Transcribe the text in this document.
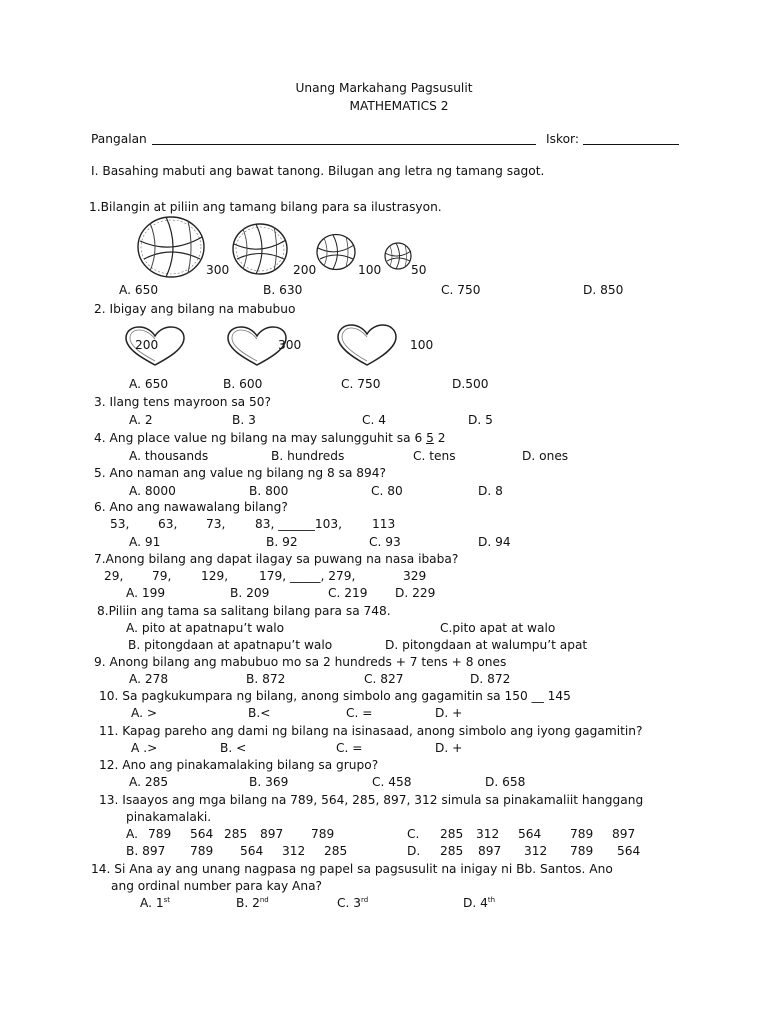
Unang Markahang Pagsusulit
MATHEMATICS 2
Pangalan	Iskor:
I. Basahing mabuti ang bawat tanong. Bilugan ang letra ng tamang sagot.
1.Bilangin at piliin ang tamang bilang para sa ilustrasyon.
300	200	100 50
A. 650	B. 630	C. 750	D. 850
2. Ibigay ang bilang na mabubuo
200	300	100
A. 650	B. 600	C. 750	D.500
3. Ilang tens mayroon sa 50?
A. 2	B. 3	C. 4	D. 5
4. Ang place value ng bilang na may salungguhit sa 6 5 2
A. thousands	B. hundreds	C. tens	D. ones
5. Ano naman ang value ng bilang ng 8 sa 894?
A. 8000	B. 800	C. 80	D. 8
6. Ano ang nawawalang bilang?
53, 63, 73, 83, ______103, 113
A. 91	B. 92	C. 93	D. 94
7.Anong bilang ang dapat ilagay sa puwang na nasa ibaba?
29, 79, 129,	179, _____, 279,	329
A. 199	B. 209	C. 219 D. 229
8.Piliin ang tama sa salitang bilang para sa 748.
A. pito at apatnapu’t walo	C.pito apat at walo
B. pitongdaan at apatnapu’t walo	D. pitongdaan at walumpu’t apat
9. Anong bilang ang mabubuo mo sa 2 hundreds + 7 tens + 8 ones
A. 278	B. 872	C. 827	D. 872
10. Sa pagkukumpara ng bilang, anong simbolo ang gagamitin sa 150 __ 145
A. >	B.<	C. =	D. +
11. Kapag pareho ang dami ng bilang na isinasaad, anong simbolo ang iyong gagamitin?
A .>	B. <	C. =	D. +
12. Ano ang pinakamalaking bilang sa grupo?
A. 285	B. 369	C. 458	D. 658
13. Isaayos ang mga bilang na 789, 564, 285, 897, 312 simula sa pinakamaliit hanggang
pinakamalaki.
A. 789 564 285 897 789	C. 285 312 564 789 897
B. 897 789 564 312 285	D. 285 897 312 789 564
14. Si Ana ay ang unang nagpasa ng papel sa pagsusulit na inigay ni Bb. Santos. Ano
ang ordinal number para kay Ana?
A. 1st	B. 2nd	C. 3rd	D. 4th
